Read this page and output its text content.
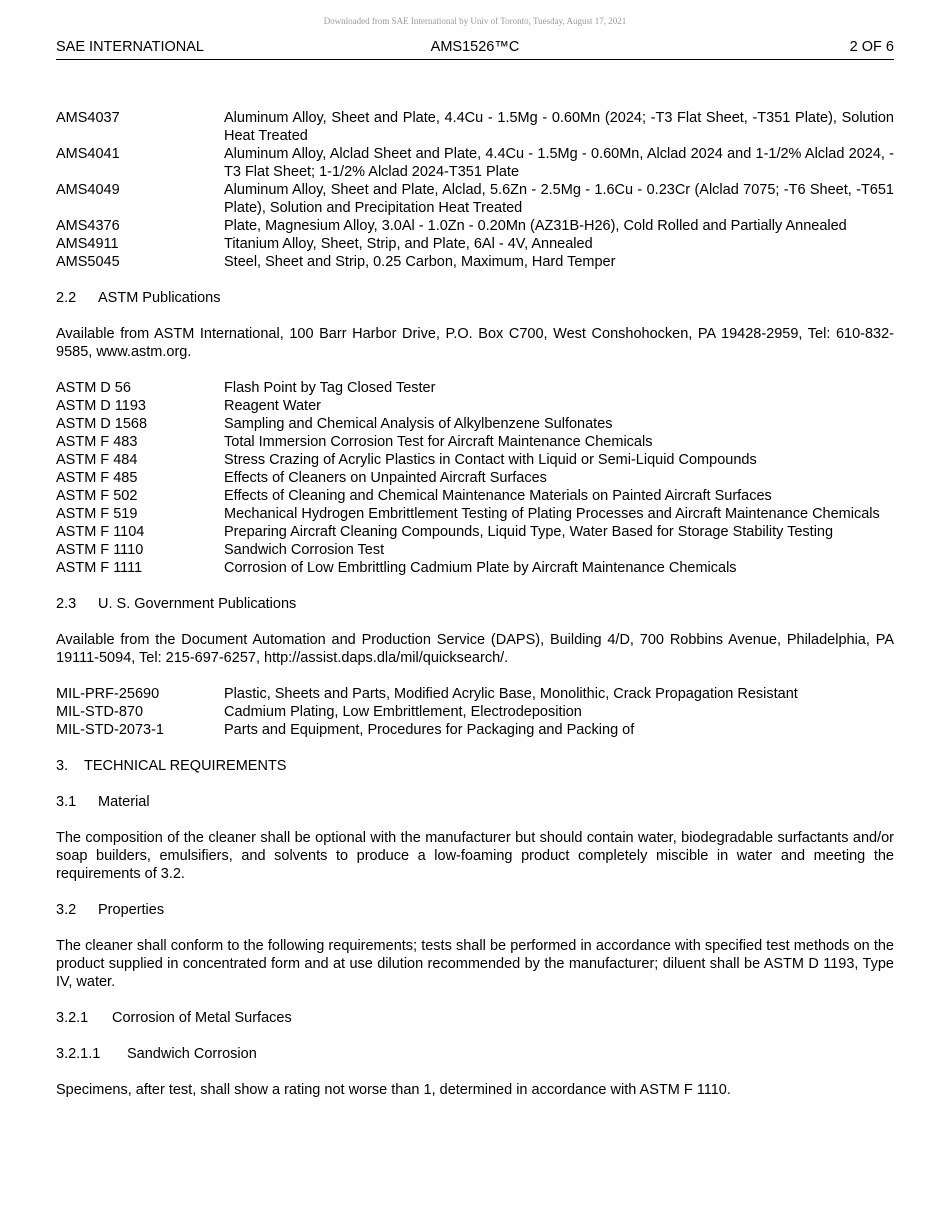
Downloaded from SAE International by Univ of Toronto, Tuesday, August 17, 2021
SAE INTERNATIONAL	AMS1526™C	2 OF 6
AMS4037	Aluminum Alloy, Sheet and Plate, 4.4Cu - 1.5Mg - 0.60Mn (2024; -T3 Flat Sheet, -T351 Plate), Solution Heat Treated
AMS4041	Aluminum Alloy, Alclad Sheet and Plate, 4.4Cu - 1.5Mg - 0.60Mn, Alclad 2024 and 1-1/2% Alclad 2024, -T3 Flat Sheet; 1-1/2% Alclad 2024-T351 Plate
AMS4049	Aluminum Alloy, Sheet and Plate, Alclad, 5.6Zn - 2.5Mg - 1.6Cu - 0.23Cr (Alclad 7075; -T6 Sheet, -T651 Plate), Solution and Precipitation Heat Treated
AMS4376	Plate, Magnesium Alloy, 3.0Al - 1.0Zn - 0.20Mn (AZ31B-H26), Cold Rolled and Partially Annealed
AMS4911	Titanium Alloy, Sheet, Strip, and Plate, 6Al - 4V, Annealed
AMS5045	Steel, Sheet and Strip, 0.25 Carbon, Maximum, Hard Temper
2.2 ASTM Publications
Available from ASTM International, 100 Barr Harbor Drive, P.O. Box C700, West Conshohocken, PA 19428-2959, Tel: 610-832-9585, www.astm.org.
ASTM D 56	Flash Point by Tag Closed Tester
ASTM D 1193	Reagent Water
ASTM D 1568	Sampling and Chemical Analysis of Alkylbenzene Sulfonates
ASTM F 483	Total Immersion Corrosion Test for Aircraft Maintenance Chemicals
ASTM F 484	Stress Crazing of Acrylic Plastics in Contact with Liquid or Semi-Liquid Compounds
ASTM F 485	Effects of Cleaners on Unpainted Aircraft Surfaces
ASTM F 502	Effects of Cleaning and Chemical Maintenance Materials on Painted Aircraft Surfaces
ASTM F 519	Mechanical Hydrogen Embrittlement Testing of Plating Processes and Aircraft Maintenance Chemicals
ASTM F 1104	Preparing Aircraft Cleaning Compounds, Liquid Type, Water Based for Storage Stability Testing
ASTM F 1110	Sandwich Corrosion Test
ASTM F 1111	Corrosion of Low Embrittling Cadmium Plate by Aircraft Maintenance Chemicals
2.3 U. S. Government Publications
Available from the Document Automation and Production Service (DAPS), Building 4/D, 700 Robbins Avenue, Philadelphia, PA 19111-5094, Tel: 215-697-6257, http://assist.daps.dla/mil/quicksearch/.
MIL-PRF-25690	Plastic, Sheets and Parts, Modified Acrylic Base, Monolithic, Crack Propagation Resistant
MIL-STD-870	Cadmium Plating, Low Embrittlement, Electrodeposition
MIL-STD-2073-1	Parts and Equipment, Procedures for Packaging and Packing of
3. TECHNICAL REQUIREMENTS
3.1 Material
The composition of the cleaner shall be optional with the manufacturer but should contain water, biodegradable surfactants and/or soap builders, emulsifiers, and solvents to produce a low-foaming product completely miscible in water and meeting the requirements of 3.2.
3.2 Properties
The cleaner shall conform to the following requirements; tests shall be performed in accordance with specified test methods on the product supplied in concentrated form and at use dilution recommended by the manufacturer; diluent shall be ASTM D 1193, Type IV, water.
3.2.1 Corrosion of Metal Surfaces
3.2.1.1 Sandwich Corrosion
Specimens, after test, shall show a rating not worse than 1, determined in accordance with ASTM F 1110.
